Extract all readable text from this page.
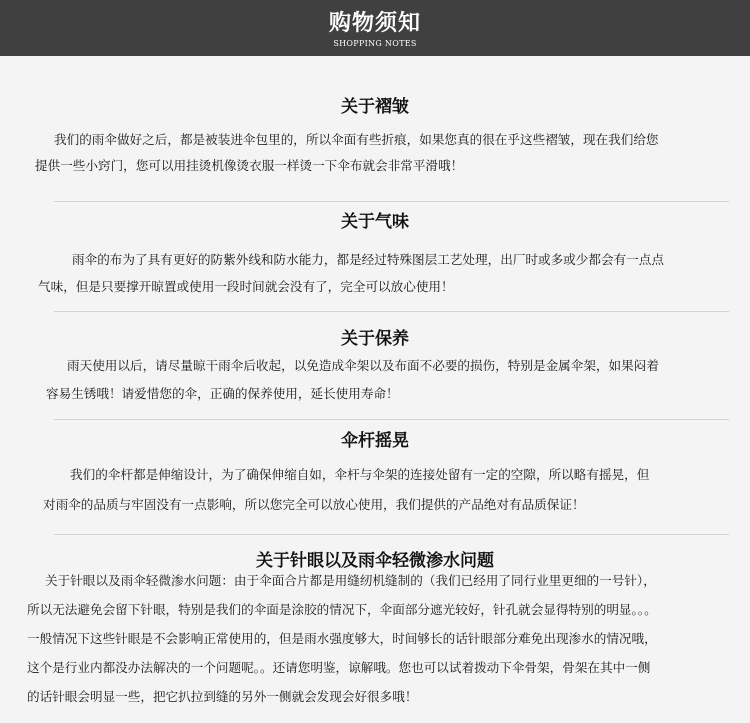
购物须知
SHOPPING NOTES
关于褶皱
我们的雨伞做好之后，都是被装进伞包里的，所以伞面有些折痕，如果您真的很在乎这些褶皱，现在我们给您
提供一些小窍门，您可以用挂烫机像烫衣服一样烫一下伞布就会非常平滑哦！
关于气味
雨伞的布为了具有更好的防紫外线和防水能力，都是经过特殊图层工艺处理，出厂时或多或少都会有一点点
气味，但是只要撑开晾置或使用一段时间就会没有了，完全可以放心使用！
关于保养
雨天使用以后，请尽量晾干雨伞后收起，以免造成伞架以及布面不必要的损伤，特别是金属伞架，如果闷着
容易生锈哦！请爱惜您的伞，正确的保养使用，延长使用寿命！
伞杆摇晃
我们的伞杆都是伸缩设计，为了确保伸缩自如，伞杆与伞架的连接处留有一定的空隙，所以略有摇晃，但
对雨伞的品质与牢固没有一点影响，所以您完全可以放心使用，我们提供的产品绝对有品质保证！
关于针眼以及雨伞轻微渗水问题
关于针眼以及雨伞轻微渗水问题：由于伞面合片都是用缝纫机缝制的（我们已经用了同行业里更细的一号针），
所以无法避免会留下针眼，特别是我们的伞面是涂胶的情况下，伞面部分遮光较好，针孔就会显得特别的明显。。。
一般情况下这些针眼是不会影响正常使用的，但是雨水强度够大，时间够长的话针眼部分难免出现渗水的情况哦，
这个是行业内都没办法解决的一个问题呢。。还请您明鉴，谅解哦。您也可以试着拨动下伞骨架，骨架在其中一侧
的话针眼会明显一些，把它扒拉到缝的另外一侧就会发现会好很多哦！
